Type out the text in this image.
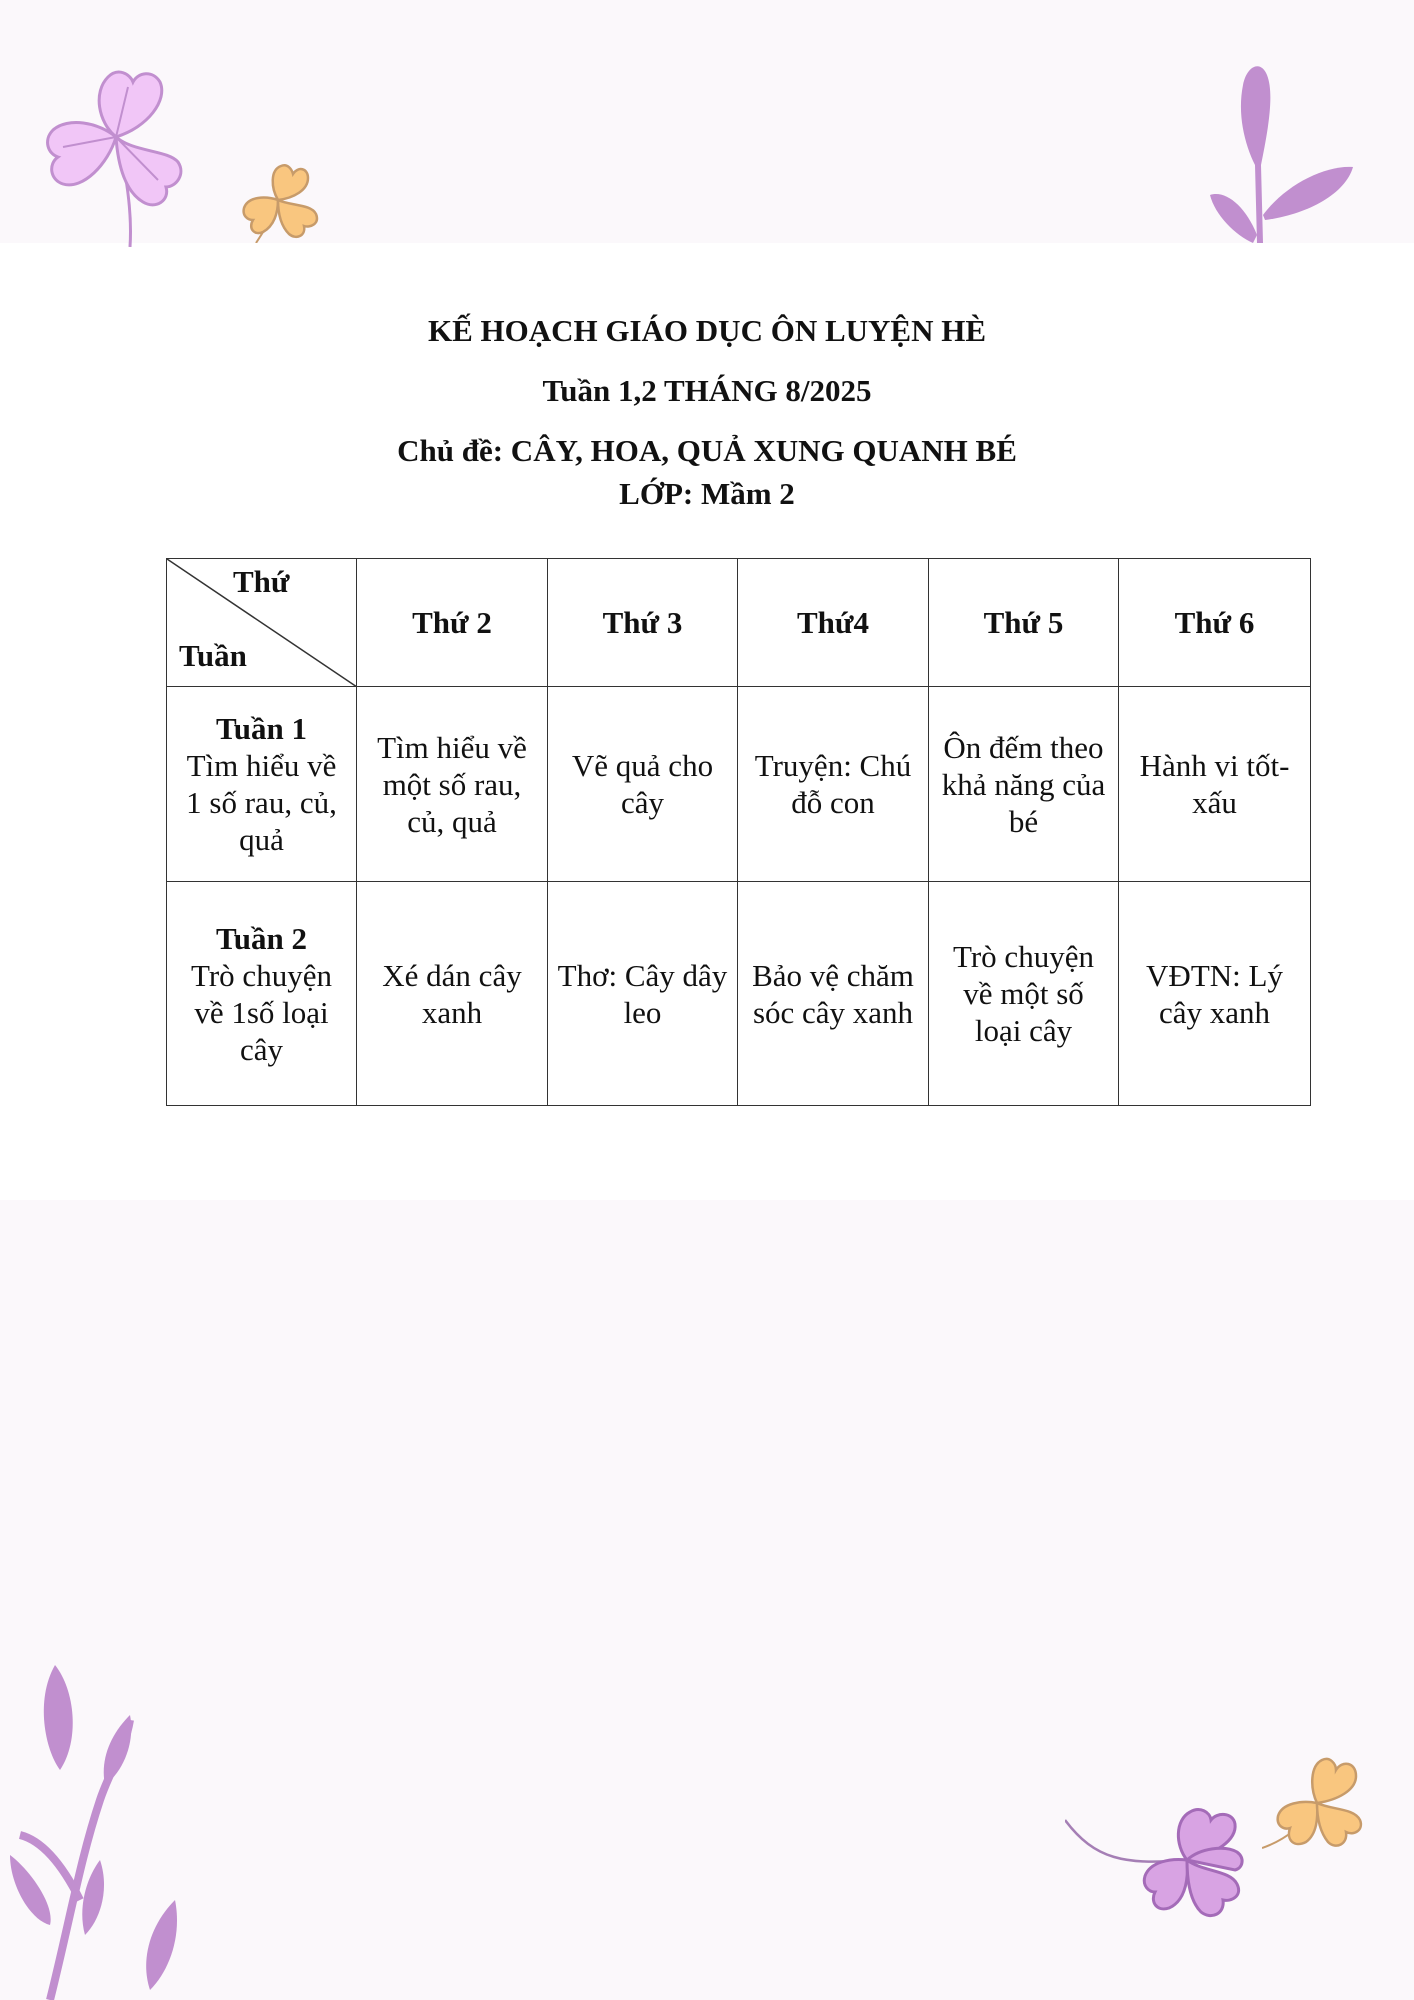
KẾ HOẠCH GIÁO DỤC ÔN LUYỆN HÈ
Tuần 1,2 THÁNG 8/2025
Chủ đề: CÂY, HOA, QUẢ XUNG QUANH BÉ
LỚP: Mầm 2
Thứ
Tuần	Thứ 2	Thứ 3	Thứ4	Thứ 5	Thứ 6

Tuần 1
Tìm hiểu về 1 số rau, củ, quả	Tìm hiểu về một số rau, củ, quả	Vẽ quả cho cây	Truyện: Chú đỗ con	Ôn đếm theo khả năng của bé	Hành vi tốt- xấu

Tuần 2
Trò chuyện về 1số loại cây	Xé dán cây xanh	Thơ: Cây dây leo	Bảo vệ chăm sóc cây xanh	Trò chuyện về một số loại cây	VĐTN: Lý cây xanh
